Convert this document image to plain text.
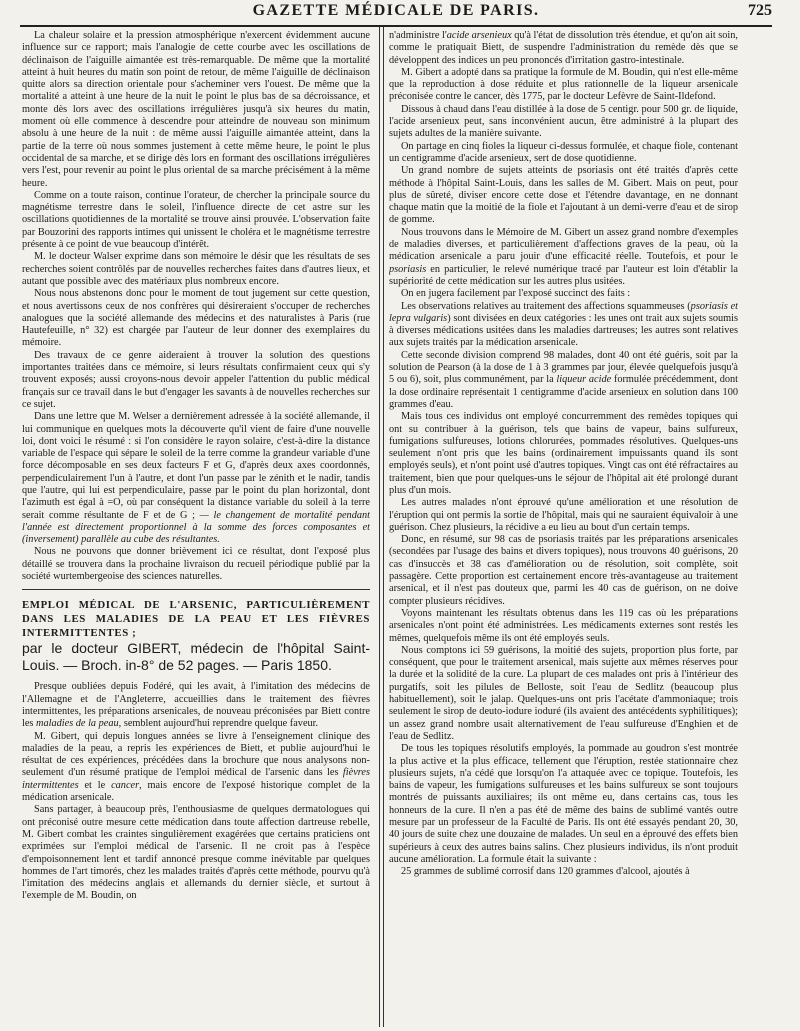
GAZETTE MÉDICALE DE PARIS.	725

La chaleur solaire et la pression atmosphérique n'exercent évidemment aucune influence sur ce rapport; mais l'analogie de cette courbe avec les oscillations de déclinaison de l'aiguille aimantée est très-remarquable. De même que la mortalité atteint à huit heures du matin son point de retour, de même l'aiguille de déclinaison quitte alors sa direction orientale pour s'acheminer vers l'ouest. De même que la mortalité a atteint à une heure de la nuit le point le plus bas de sa décroissance, et monte dès lors avec des oscillations irrégulières jusqu'à six heures du matin, moment où elle commence à descendre pour atteindre de nouveau son minimum absolu à une heure de la nuit : de même aussi l'aiguille aimantée atteint, dans la partie de la terre où nous sommes justement à cette même heure, le point le plus occidental de sa marche, et se dirige dès lors en formant des oscillations irrégulières vers l'est, pour revenir au point le plus oriental de sa marche précisément à la même heure.

Comme on a toute raison, continue l'orateur, de chercher la principale source du magnétisme terrestre dans le soleil, l'influence directe de cet astre sur les oscillations quotidiennes de la mortalité se trouve ainsi prouvée. L'observation faite par Bouzorini des rapports intimes qui unissent le choléra et le magnétisme terrestre présente à ce point de vue beaucoup d'intérêt.

M. le docteur Walser exprime dans son mémoire le désir que les résultats de ses recherches soient contrôlés par de nouvelles recherches faites dans d'autres lieux, et autant que possible avec des matériaux plus nombreux encore.

Nous nous abstenons donc pour le moment de tout jugement sur cette question, et nous avertissons ceux de nos confrères qui désireraient s'occuper de recherches analogues que la société allemande des médecins et des naturalistes à Paris (rue Hautefeuille, n° 32) est chargée par l'auteur de leur donner des exemplaires du mémoire.

Des travaux de ce genre aideraient à trouver la solution des questions importantes traitées dans ce mémoire, si leurs résultats confirmaient ceux qui s'y trouvent exposés; aussi croyons-nous devoir appeler l'attention du public médical français sur ce travail dans le but d'engager les savants à de nouvelles recherches sur ce sujet.

Dans une lettre que M. Welser a dernièrement adressée à la société allemande, il lui communique en quelques mots la découverte qu'il vient de faire d'une nouvelle loi, dont voici le résumé : si l'on considère le rayon solaire, c'est-à-dire la distance variable de l'espace qui sépare le soleil de la terre comme la grandeur variable d'une force décomposable en ses deux facteurs F et G, d'après deux axes coordonnés, perpendiculairement l'un à l'autre, et dont l'un passe par le zénith et le nadir, tandis que l'autre, qui lui est perpendiculaire, passe par le point du plan horizontal, dont l'azimuth est égal à =O, où par conséquent la distance variable du soleil à la terre serait comme résultante de F et de G ; — le changement de mortalité pendant l'année est directement proportionnel à la somme des forces composantes et (inversement) parallèle au cube des résultantes.

Nous ne pouvons que donner brièvement ici ce résultat, dont l'exposé plus détaillé se trouvera dans la prochaine livraison du recueil périodique publié par la société wurtembergeoise des sciences naturelles.

EMPLOI MÉDICAL DE L'ARSENIC, PARTICULIÈREMENT DANS LES MALADIES DE LA PEAU ET LES FIÈVRES INTERMITTENTES ;

par le docteur GIBERT, médecin de l'hôpital Saint-Louis. — Broch. in-8° de 52 pages. — Paris 1850.

Presque oubliées depuis Fodéré, qui les avait, à l'imitation des médecins de l'Allemagne et de l'Angleterre, accueillies dans le traitement des fièvres intermittentes, les préparations arsenicales, de nouveau préconisées par Biett contre les maladies de la peau, semblent aujourd'hui reprendre quelque faveur.

M. Gibert, qui depuis longues années se livre à l'enseignement clinique des maladies de la peau, a repris les expériences de Biett, et publie aujourd'hui le résultat de ces expériences, précédées dans la brochure que nous analysons non-seulement d'un résumé pratique de l'emploi médical de l'arsenic dans les fièvres intermittentes et le cancer, mais encore de l'exposé historique complet de la médication arsenicale.

Sans partager, à beaucoup près, l'enthousiasme de quelques dermatologues qui ont préconisé outre mesure cette médication dans toute affection dartreuse rebelle, M. Gibert combat les craintes singulièrement exagérées que certains praticiens ont exprimées sur l'emploi médical de l'arsenic. Il ne croit pas à l'espèce d'empoisonnement lent et tardif annoncé presque comme inévitable par quelques hommes de l'art timorés, chez les malades traités d'après cette méthode, pourvu qu'à l'imitation des médecins anglais et allemands du dernier siècle, et surtout à l'exemple de M. Boudin, on

n'administre l'acide arsenieux qu'à l'état de dissolution très étendue, et qu'on ait soin, comme le pratiquait Biett, de suspendre l'administration du remède dès que se développent des indices un peu prononcés d'irritation gastro-intestinale.

M. Gibert a adopté dans sa pratique la formule de M. Boudin, qui n'est elle-même que la reproduction à dose réduite et plus rationnelle de la liqueur arsenicale préconisée contre le cancer, dès 1775, par le docteur Lefèvre de Saint-Ildefond.

Dissous à chaud dans l'eau distillée à la dose de 5 centigr. pour 500 gr. de liquide, l'acide arsenieux peut, sans inconvénient aucun, être administré à la plupart des sujets adultes de la manière suivante.

On partage en cinq fioles la liqueur ci-dessus formulée, et chaque fiole, contenant un centigramme d'acide arsenieux, sert de dose quotidienne.

Un grand nombre de sujets atteints de psoriasis ont été traités d'après cette méthode à l'hôpital Saint-Louis, dans les salles de M. Gibert. Mais on peut, pour plus de sûreté, diviser encore cette dose et l'étendre davantage, en ne donnant chaque matin que la moitié de la fiole et l'ajoutant à un demi-verre d'eau et de sirop de gomme.

Nous trouvons dans le Mémoire de M. Gibert un assez grand nombre d'exemples de maladies diverses, et particulièrement d'affections graves de la peau, où la médication arsenicale a paru jouir d'une efficacité réelle. Toutefois, et pour le psoriasis en particulier, le relevé numérique tracé par l'auteur est loin d'établir la supériorité de cette médication sur les autres plus usitées.

On en jugera facilement par l'exposé succinct des faits :

Les observations relatives au traitement des affections squammeuses (psoriasis et lepra vulgaris) sont divisées en deux catégories : les unes ont trait aux sujets soumis à diverses médications usitées dans les maladies dartreuses; les autres sont relatives aux sujets traités par la médication arsenicale.

Cette seconde division comprend 98 malades, dont 40 ont été guéris, soit par la solution de Pearson (à la dose de 1 à 3 grammes par jour, élevée quelquefois jusqu'à 5 ou 6), soit, plus communément, par la liqueur acide formulée précédemment, dont la dose ordinaire représentait 1 centigramme d'acide arsenieux en solution dans 100 grammes d'eau.

Mais tous ces individus ont employé concurremment des remèdes topiques qui ont su contribuer à la guérison, tels que bains de vapeur, bains sulfureux, fumigations sulfureuses, lotions chlorurées, pommades résolutives. Quelques-uns seulement n'ont pris que les bains (ordinairement impuissants quand ils sont employés seuls), et n'ont point usé d'autres topiques. Vingt cas ont été réfractaires au traitement, bien que pour quelques-uns le séjour de l'hôpital ait été prolongé durant plus d'un mois.

Les autres malades n'ont éprouvé qu'une amélioration et une résolution de l'éruption qui ont permis la sortie de l'hôpital, mais qui ne sauraient équivaloir à une guérison. Chez plusieurs, la récidive a eu lieu au bout d'un certain temps.

Donc, en résumé, sur 98 cas de psoriasis traités par les préparations arsenicales (secondées par l'usage des bains et divers topiques), nous trouvons 40 guérisons, 20 cas d'insuccès et 38 cas d'amélioration ou de résolution, soit complète, soit passagère. Cette proportion est certainement encore très-avantageuse au traitement arsenical, et il n'est pas douteux que, parmi les 40 cas de guérison, on ne doive compter plusieurs récidives.

Voyons maintenant les résultats obtenus dans les 119 cas où les préparations arsenicales n'ont point été administrées. Les médicaments externes sont restés les mêmes, quelquefois même ils ont été employés seuls.

Nous comptons ici 59 guérisons, la moitié des sujets, proportion plus forte, par conséquent, que pour le traitement arsenical, mais sujette aux mêmes réserves pour la durée et la solidité de la cure. La plupart de ces malades ont pris à l'intérieur des purgatifs, soit les pilules de Belloste, soit l'eau de Sedlitz (beaucoup plus habituellement), soit le jalap. Quelques-uns ont pris l'acétate d'ammoniaque; trois seulement le sirop de deuto-iodure ioduré (ils avaient des antécédents syphilitiques); un assez grand nombre usait alternativement de l'eau sulfureuse d'Enghien et de l'eau de Sedlitz.

De tous les topiques résolutifs employés, la pommade au goudron s'est montrée la plus active et la plus efficace, tellement que l'éruption, restée stationnaire chez plusieurs sujets, n'a cédé que lorsqu'on l'a attaquée avec ce topique. Toutefois, les bains de vapeur, les fumigations sulfureuses et les bains sulfureux se sont toujours montrés de puissants auxiliaires; ils ont même eu, dans certains cas, tous les honneurs de la cure. Il n'en a pas été de même des bains de sublimé vantés outre mesure par un professeur de la Faculté de Paris. Ils ont été essayés pendant 20, 30, 40 jours de suite chez une douzaine de malades. Un seul en a éprouvé des effets bien supérieurs à ceux des autres bains salins. Chez plusieurs individus, ils n'ont produit aucune amélioration. La formule était la suivante :

25 grammes de sublimé corrosif dans 120 grammes d'alcool, ajoutés à
